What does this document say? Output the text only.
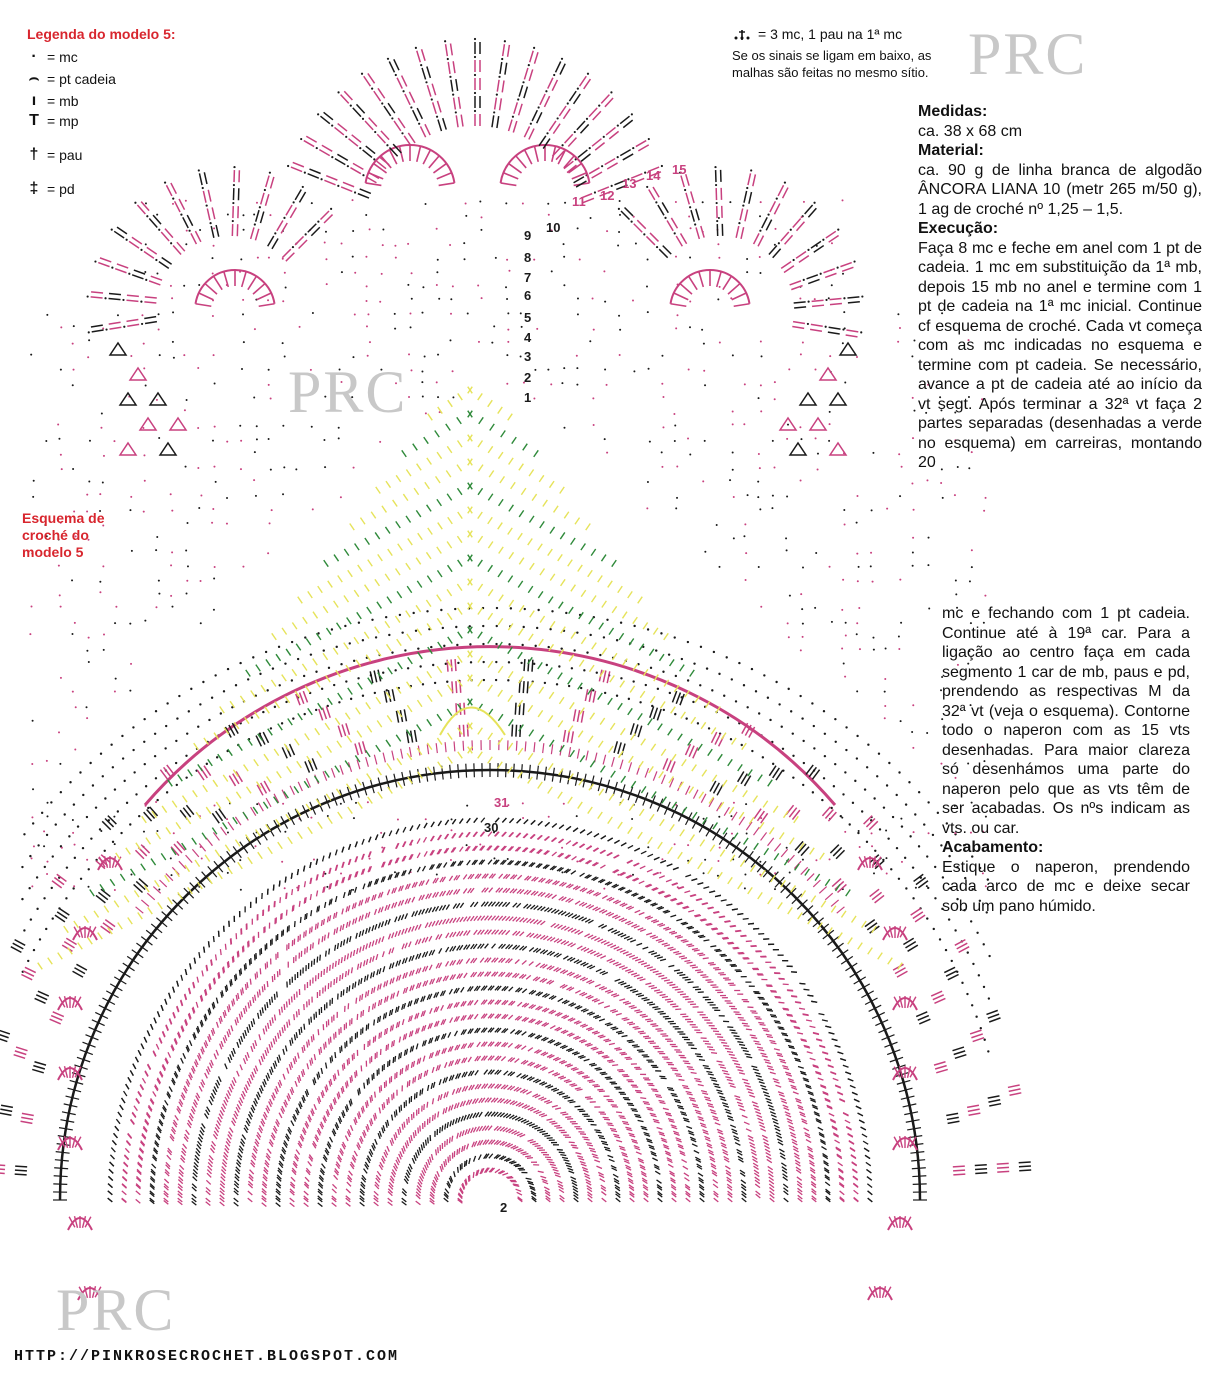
1
2
3
4
5
6
7
8
9
10
11 12
13
14 15
31
30
2
Legenda do modelo 5:
· = mc
⌢ = pt cadeia
ı = mb
T = mp
† = pau
‡ = pd
= 3 mc, 1 pau na 1ª mc
Se os sinais se ligam em baixo, as malhas são feitas no mesmo sítio. PRC
PRC
PRC
Esquema de croché do modelo 5
Medidas:

ca. 38 x 68 cm

Material:

ca. 90 g de linha branca de algodão ÂNCORA LIANA 10 (metr 265 m/50 g), 1 ag de croché nº 1,25 – 1,5.

Execução:

Faça 8 mc e feche em anel com 1 pt de cadeia. 1 mc em substituição da 1ª mb, depois 15 mb no anel e termine com 1 pt de cadeia na 1ª mc inicial. Continue cf esquema de croché. Cada vt começa com as mc indicadas no esquema e termine com pt cadeia. Se necessário, avance a pt de cadeia até ao início da vt segt. Após terminar a 32ª vt faça 2 partes separadas (desenhadas a verde no esquema) em carreiras, montando 20

mc e fechando com 1 pt cadeia. Continue até à 19ª car. Para a ligação ao centro faça em cada segmento 1 car de mb, paus e pd, prendendo as respectivas M da 32ª vt (veja o esquema). Contorne todo o naperon com as 15 vts desenhadas. Para maior clareza só desenhámos uma parte do naperon pelo que as vts têm de ser acabadas. Os nºs indicam as vts. ou car.

Acabamento:

Estique o naperon, prendendo cada arco de mc e deixe secar sob um pano húmido.

HTTP://PINKROSECROCHET.BLOGSPOT.COM
